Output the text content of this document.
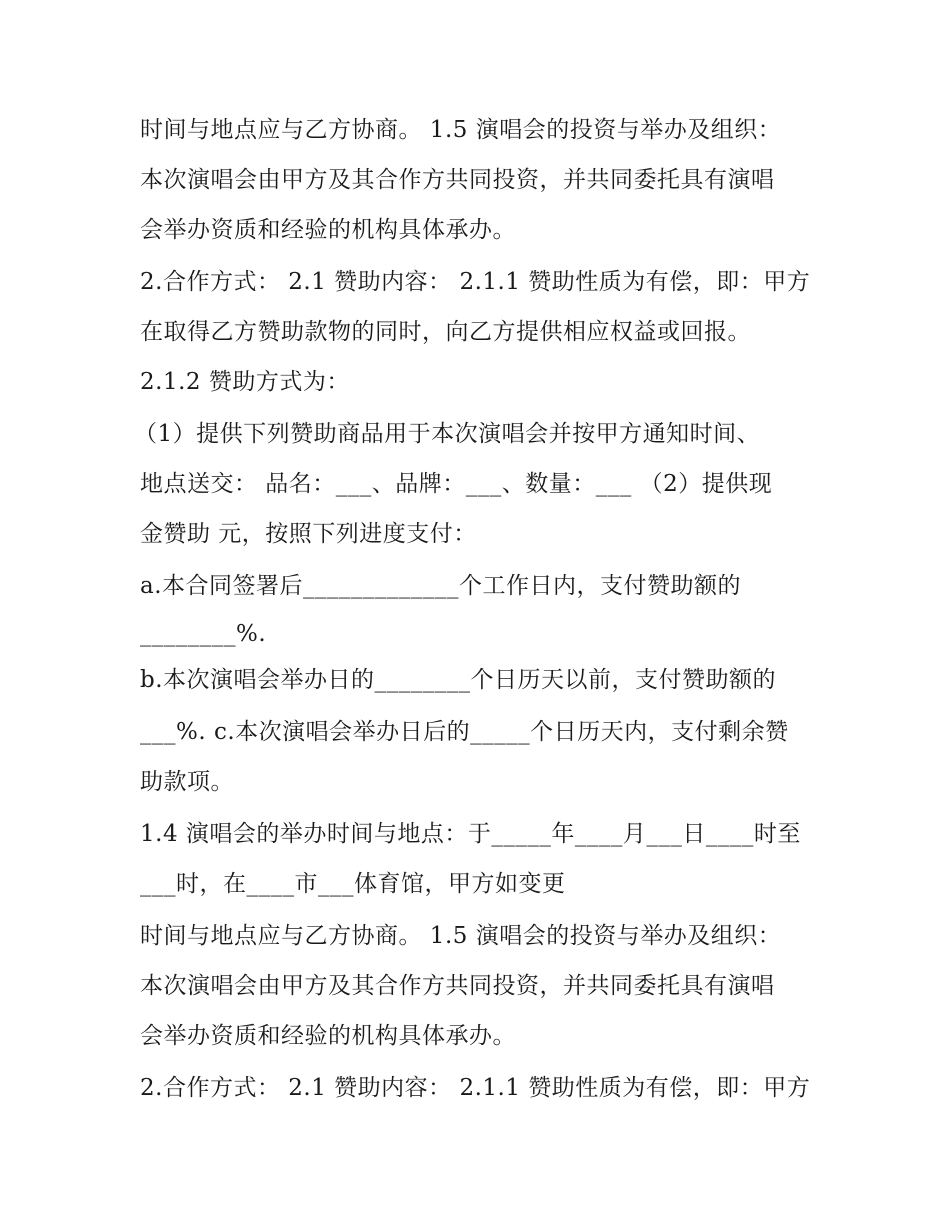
时间与地点应与乙方协商。 1.5 演唱会的投资与举办及组织：

本次演唱会由甲方及其合作方共同投资，并共同委托具有演唱

会举办资质和经验的机构具体承办。

2.合作方式： 2.1 赞助内容： 2.1.1 赞助性质为有偿，即：甲方

在取得乙方赞助款物的同时，向乙方提供相应权益或回报。

2.1.2 赞助方式为：

（1）提供下列赞助商品用于本次演唱会并按甲方通知时间、

地点送交： 品名：___、品牌：___、数量：___ （2）提供现

金赞助 元，按照下列进度支付：

a.本合同签署后_____________个工作日内，支付赞助额的

________%.

b.本次演唱会举办日的________个日历天以前，支付赞助额的

___%. c.本次演唱会举办日后的_____个日历天内，支付剩余赞

助款项。

1.4 演唱会的举办时间与地点：于_____年____月___日____时至

___时，在____市___体育馆，甲方如变更

时间与地点应与乙方协商。 1.5 演唱会的投资与举办及组织：

本次演唱会由甲方及其合作方共同投资，并共同委托具有演唱

会举办资质和经验的机构具体承办。

2.合作方式： 2.1 赞助内容： 2.1.1 赞助性质为有偿，即：甲方
